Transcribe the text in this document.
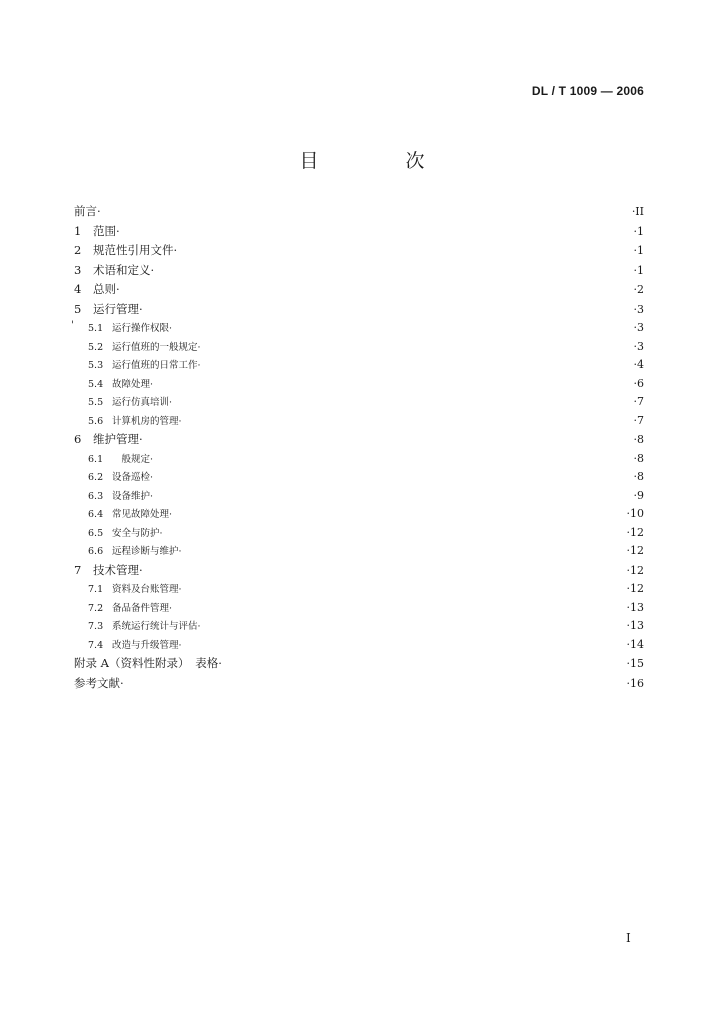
DL / T 1009 — 2006
目　次
前言·	·II
1	范围·	·1
2	规范性引用文件·	·1
3	术语和定义·	·1
4	总则·	·2
5	运行管理·	·3
' 5.1 运行操作权限·	·3
5.2 运行值班的一般规定·	·3
5.3 运行值班的日常工作·	·4
5.4 故障处理·	·6
5.5 运行仿真培训·	·7
5.6 计算机房的管理·	·7
6	维护管理·	·8
6.1 　般规定·	·8
6.2 设备巡检·	·8
6.3 设备维护·	·9
6.4 常见故障处理·	·10
6.5 安全与防护·	·12
6.6 远程诊断与维护·	·12
7	技术管理·	·12
7.1 资料及台账管理·	·12
7.2 备品备件管理·	·13
7.3 系统运行统计与评估·	·13
7.4 改造与升级管理·	·14
附录 A（资料性附录）　表格·	·15
参考文献·	·16
I
